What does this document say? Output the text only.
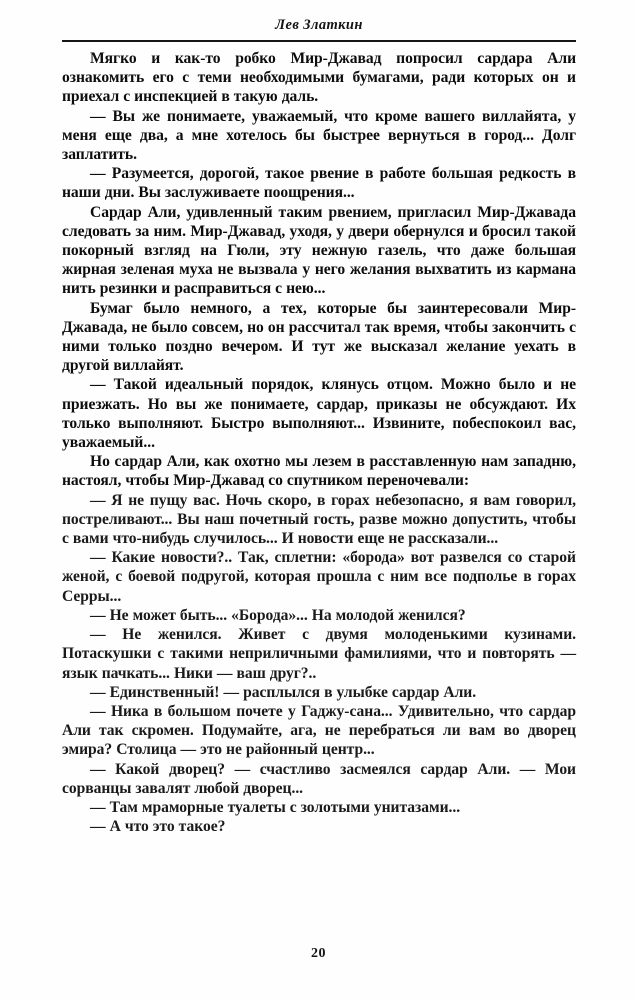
Лев Златкин

Мягко и как-то робко Мир-Джавад попросил сардара Али ознакомить его с теми необходимыми бумагами, ради которых он и приехал с инспекцией в такую даль.

— Вы же понимаете, уважаемый, что кроме вашего виллайята, у меня еще два, а мне хотелось бы быстрее вернуться в город... Долг заплатить.

— Разумеется, дорогой, такое рвение в работе большая редкость в наши дни. Вы заслуживаете поощрения...

Сардар Али, удивленный таким рвением, пригласил Мир-Джавада следовать за ним. Мир-Джавад, уходя, у двери обернулся и бросил такой покорный взгляд на Гюли, эту нежную газель, что даже большая жирная зеленая муха не вызвала у него желания выхватить из кармана нить резинки и расправиться с нею...

Бумаг было немного, а тех, которые бы заинтересовали Мир-Джавада, не было совсем, но он рассчитал так время, чтобы закончить с ними только поздно вечером. И тут же высказал желание уехать в другой виллайят.

— Такой идеальный порядок, клянусь отцом. Можно было и не приезжать. Но вы же понимаете, сардар, приказы не обсуждают. Их только выполняют. Быстро выполняют... Извините, побеспокоил вас, уважаемый...

Но сардар Али, как охотно мы лезем в расставленную нам западню, настоял, чтобы Мир-Джавад со спутником переночевали:

— Я не пущу вас. Ночь скоро, в горах небезопасно, я вам говорил, постреливают... Вы наш почетный гость, разве можно допустить, чтобы с вами что-нибудь случилось... И новости еще не рассказали...

— Какие новости?.. Так, сплетни: «борода» вот развелся со старой женой, с боевой подругой, которая прошла с ним все подполье в горах Серры...

— Не может быть... «Борода»... На молодой женился?

— Не женился. Живет с двумя молоденькими кузинами. Потаскушки с такими неприличными фамилиями, что и повторять — язык пачкать... Ники — ваш друг?..

— Единственный! — расплылся в улыбке сардар Али.

— Ника в большом почете у Гаджу-сана... Удивительно, что сардар Али так скромен. Подумайте, ага, не перебраться ли вам во дворец эмира? Столица — это не районный центр...

— Какой дворец? — счастливо засмеялся сардар Али. — Мои сорванцы завалят любой дворец...

— Там мраморные туалеты с золотыми унитазами...

— А что это такое?

20
